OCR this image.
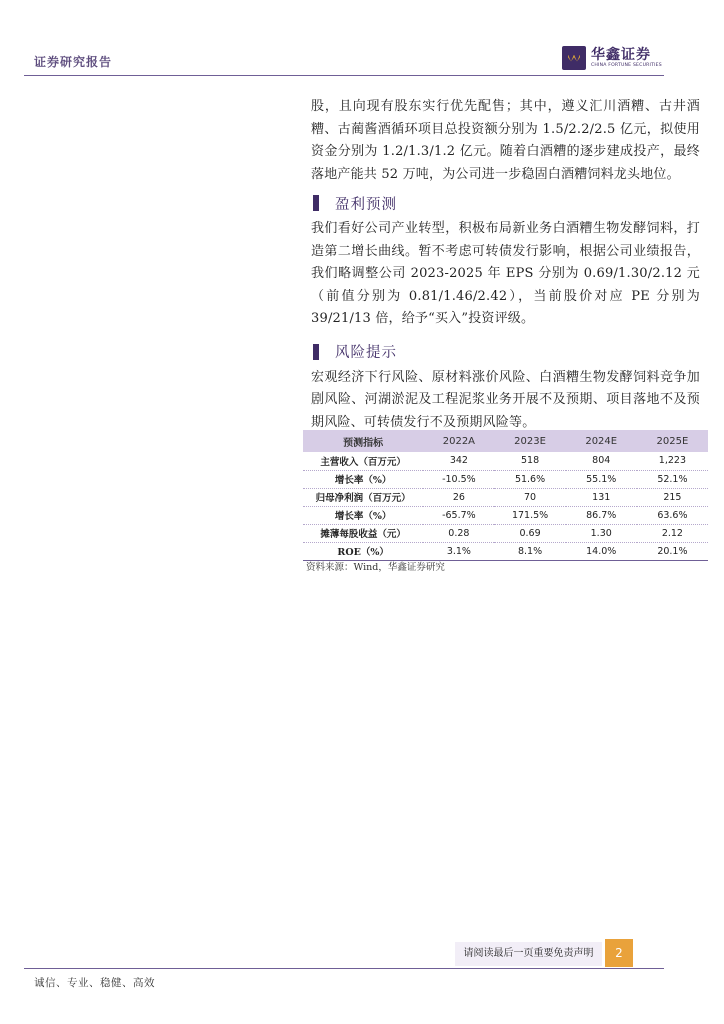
证券研究报告	华鑫证券
CHINA FORTUNE SECURITIES

股，且向现有股东实行优先配售；其中，遵义汇川酒糟、古井酒糟、古蔺酱酒循环项目总投资额分别为 1.5/2.2/2.5 亿元，拟使用资金分别为 1.2/1.3/1.2 亿元。随着白酒糟的逐步建成投产，最终落地产能共 52 万吨，为公司进一步稳固白酒糟饲料龙头地位。

盈利预测

我们看好公司产业转型，积极布局新业务白酒糟生物发酵饲料，打造第二增长曲线。暂不考虑可转债发行影响，根据公司业绩报告，我们略调整公司 2023-2025 年 EPS 分别为 0.69/1.30/2.12 元（前值分别为 0.81/1.46/2.42），当前股价对应 PE 分别为 39/21/13 倍，给予“买入”投资评级。

风险提示

宏观经济下行风险、原材料涨价风险、白酒糟生物发酵饲料竞争加剧风险、河湖淤泥及工程泥浆业务开展不及预期、项目落地不及预期风险、可转债发行不及预期风险等。

预测指标	2022A	2023E	2024E	2025E
主营收入（百万元）	342	518	804	1,223
增长率（%）	-10.5%	51.6%	55.1%	52.1%
归母净利润（百万元）	26	70	131	215
增长率（%）	-65.7%	171.5%	86.7%	63.6%
摊薄每股收益（元）	0.28	0.69	1.30	2.12
ROE（%）	3.1%	8.1%	14.0%	20.1%
资料来源：Wind，华鑫证券研究
请阅读最后一页重要免责声明	2
诚信、专业、稳健、高效
